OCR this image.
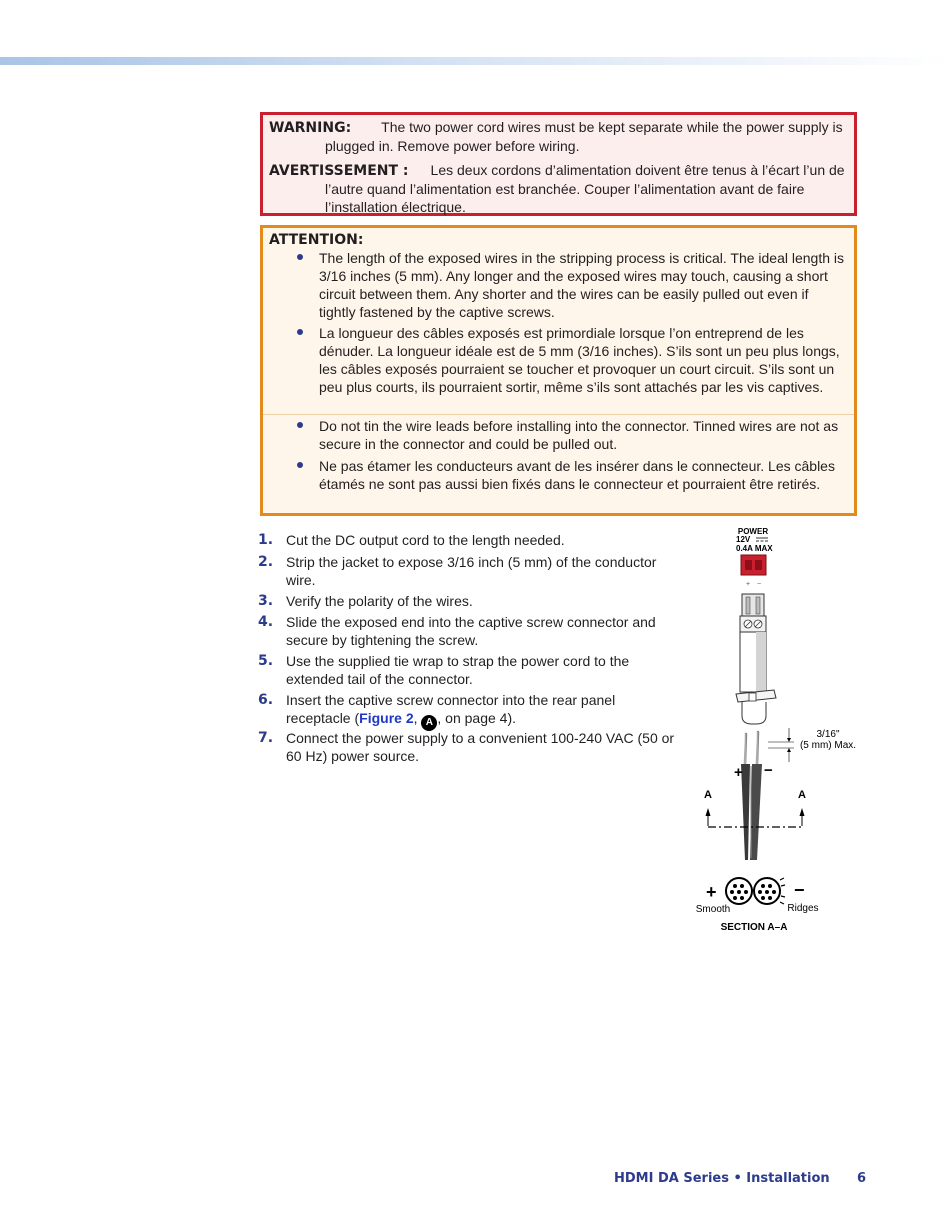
WARNING: The two power cord wires must be kept separate while the power supply is plugged in. Remove power before wiring.
AVERTISSEMENT : Les deux cordons d’alimentation doivent être tenus à l’écart l’un de l’autre quand l’alimentation est branchée. Couper l’alimentation avant de faire l’installation électrique.
ATTENTION:
The length of the exposed wires in the stripping process is critical. The ideal length is 3/16 inches (5 mm). Any longer and the exposed wires may touch, causing a short circuit between them. Any shorter and the wires can be easily pulled out even if tightly fastened by the captive screws.
La longueur des câbles exposés est primordiale lorsque l’on entreprend de les dénuder. La longueur idéale est de 5 mm (3/16 inches). S’ils sont un peu plus longs, les câbles exposés pourraient se toucher et provoquer un court circuit. S’ils sont un peu plus courts, ils pourraient sortir, même s’ils sont attachés par les vis captives.
Do not tin the wire leads before installing into the connector. Tinned wires are not as secure in the connector and could be pulled out.
Ne pas étamer les conducteurs avant de les insérer dans le connecteur. Les câbles étamés ne sont pas aussi bien fixés dans le connecteur et pourraient être retirés.
1. Cut the DC output cord to the length needed.
2. Strip the jacket to expose 3/16 inch (5 mm) of the conductor wire.
3. Verify the polarity of the wires.
4. Slide the exposed end into the captive screw connector and secure by tightening the screw.
5. Use the supplied tie wrap to strap the power cord to the extended tail of the connector.
6. Insert the captive screw connector into the rear panel receptacle (Figure 2, A , on page 4).
7. Connect the power supply to a convenient 100-240 VAC (50 or 60 Hz) power source.
POWER
12V
0.4A MAX
+ −
3/16"
(5 mm) Max.
+ −
A	A
+	−
Smooth	Ridges
SECTION A–A
HDMI DA Series • Installation 6
